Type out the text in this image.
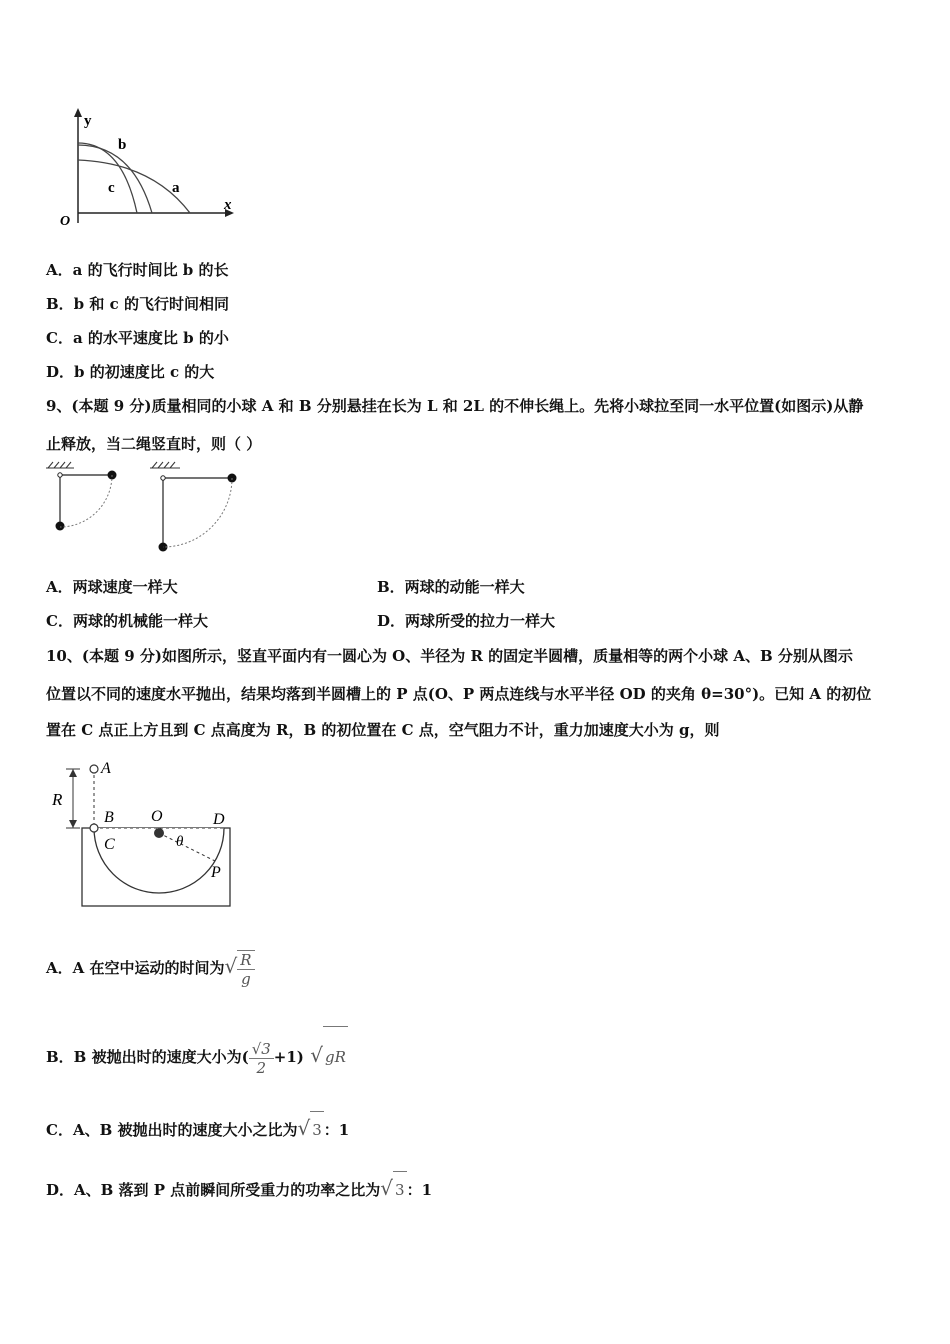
y
x
O
b
c	a
A．a 的飞行时间比 b 的长
B．b 和 c 的飞行时间相同
C．a 的水平速度比 b 的小
D．b 的初速度比 c 的大
9、(本题 9 分)质量相同的小球 A 和 B 分别悬挂在长为 L 和 2L 的不伸长绳上。先将小球拉至同一水平位置(如图示)从静
止释放，当二绳竖直时，则（ ）
A．两球速度一样大	B．两球的动能一样大
C．两球的机械能一样大	D．两球所受的拉力一样大
10、(本题 9 分)如图所示，竖直平面内有一圆心为 O、半径为 R 的固定半圆槽，质量相等的两个小球 A、B 分别从图示
位置以不同的速度水平抛出，结果均落到半圆槽上的 P 点(O、P 两点连线与水平半径 OD 的夹角 θ=30°)。已知 A 的初位
置在 C 点正上方且到 C 点高度为 R，B 的初位置在 C 点，空气阻力不计，重力加速度大小为 g，则
A
R
B
C
O	D
θ
P
A．A 在空中运动的时间为√ $\frac{R}{g}$
B．B 被抛出时的速度大小为( $\frac{√3}{2} +1$) √ gR
C．A、B 被抛出时的速度大小之比为√ 3 ：1
D．A、B 落到 P 点前瞬间所受重力的功率之比为√ 3 ：1
